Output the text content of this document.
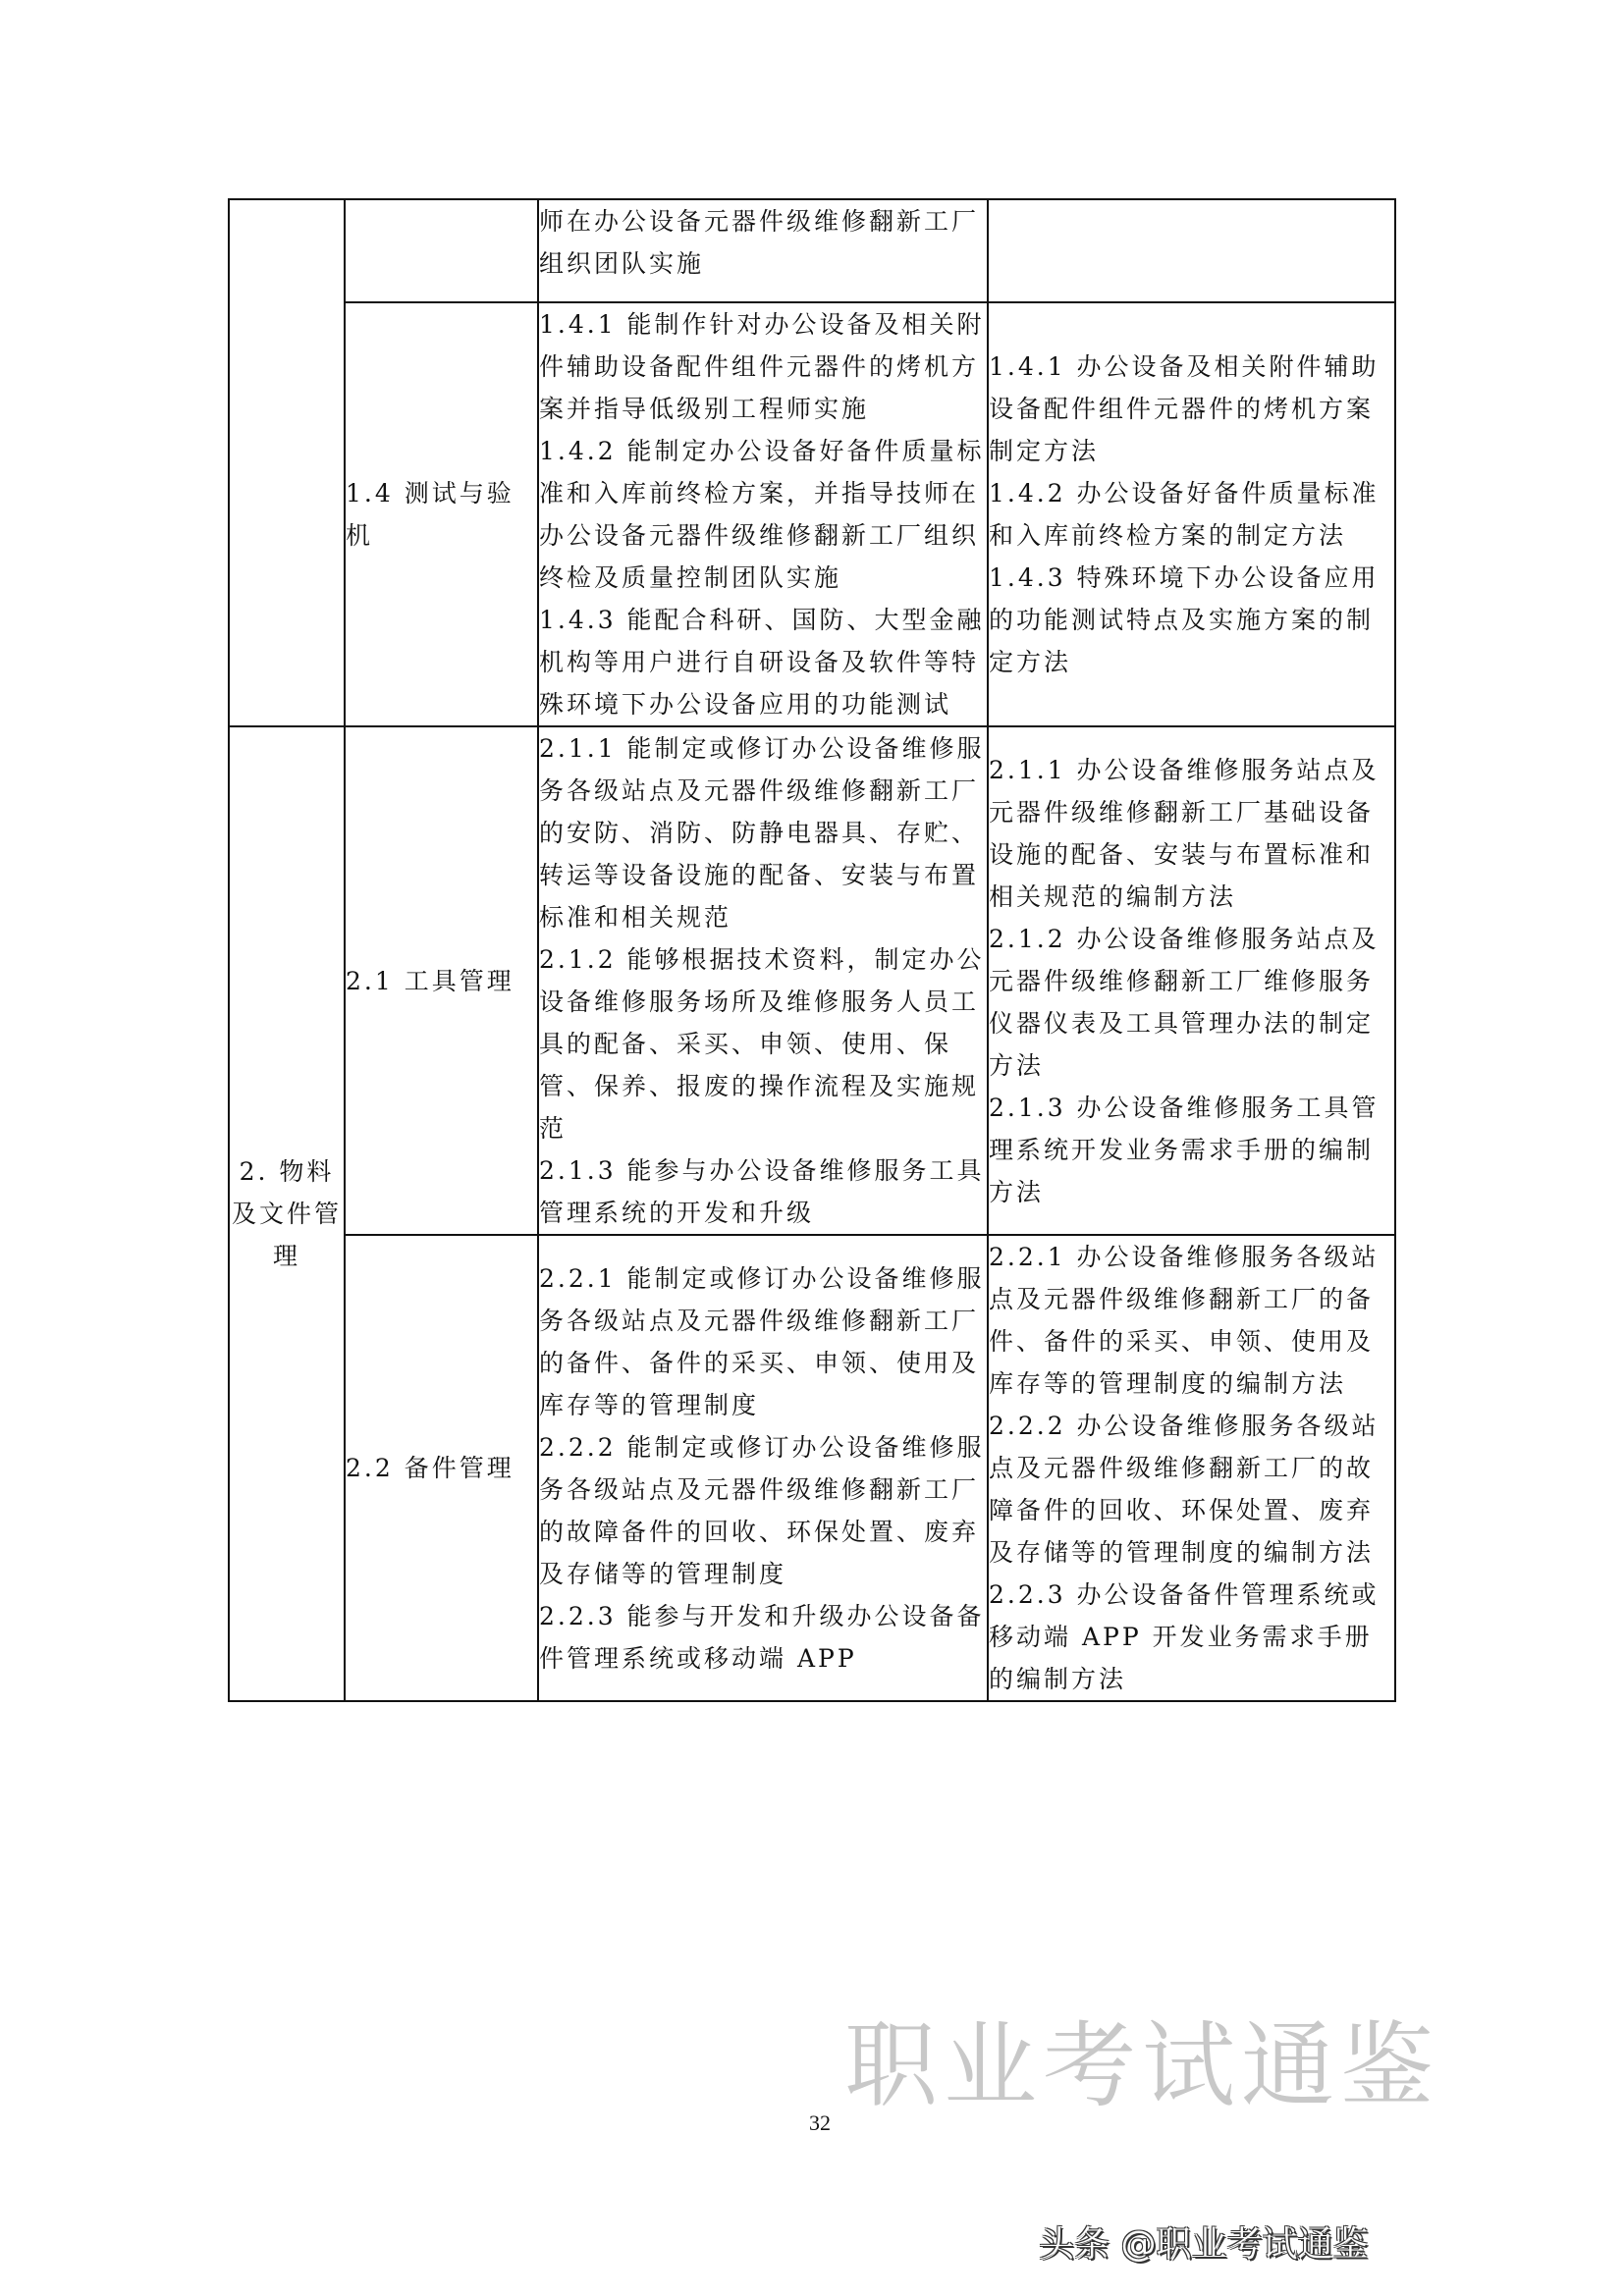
		师在办公设备元器件级维修翻新工厂组织团队实施	

	1.4 测试与验机	1.4.1 能制作针对办公设备及相关附件辅助设备配件组件元器件的烤机方案并指导低级别工程师实施
1.4.2 能制定办公设备好备件质量标准和入库前终检方案，并指导技师在办公设备元器件级维修翻新工厂组织终检及质量控制团队实施
1.4.3 能配合科研、国防、大型金融机构等用户进行自研设备及软件等特殊环境下办公设备应用的功能测试	1.4.1 办公设备及相关附件辅助设备配件组件元器件的烤机方案制定方法
1.4.2 办公设备好备件质量标准和入库前终检方案的制定方法
1.4.3 特殊环境下办公设备应用的功能测试特点及实施方案的制定方法

2. 物料及文件管理	2.1 工具管理	2.1.1 能制定或修订办公设备维修服务各级站点及元器件级维修翻新工厂的安防、消防、防静电器具、存贮、转运等设备设施的配备、安装与布置标准和相关规范
2.1.2 能够根据技术资料，制定办公设备维修服务场所及维修服务人员工具的配备、采买、申领、使用、保管、保养、报废的操作流程及实施规范
2.1.3 能参与办公设备维修服务工具管理系统的开发和升级	2.1.1 办公设备维修服务站点及元器件级维修翻新工厂基础设备设施的配备、安装与布置标准和相关规范的编制方法
2.1.2 办公设备维修服务站点及元器件级维修翻新工厂维修服务仪器仪表及工具管理办法的制定方法
2.1.3 办公设备维修服务工具管理系统开发业务需求手册的编制方法

	2.2 备件管理	2.2.1 能制定或修订办公设备维修服务各级站点及元器件级维修翻新工厂的备件、备件的采买、申领、使用及库存等的管理制度
2.2.2 能制定或修订办公设备维修服务各级站点及元器件级维修翻新工厂的故障备件的回收、环保处置、废弃及存储等的管理制度
2.2.3 能参与开发和升级办公设备备件管理系统或移动端 APP	2.2.1 办公设备维修服务各级站点及元器件级维修翻新工厂的备件、备件的采买、申领、使用及库存等的管理制度的编制方法
2.2.2 办公设备维修服务各级站点及元器件级维修翻新工厂的故障备件的回收、环保处置、废弃及存储等的管理制度的编制方法
2.2.3 办公设备备件管理系统或移动端 APP 开发业务需求手册的编制方法
职业考试通鉴
32
头条 @职业考试通鉴
